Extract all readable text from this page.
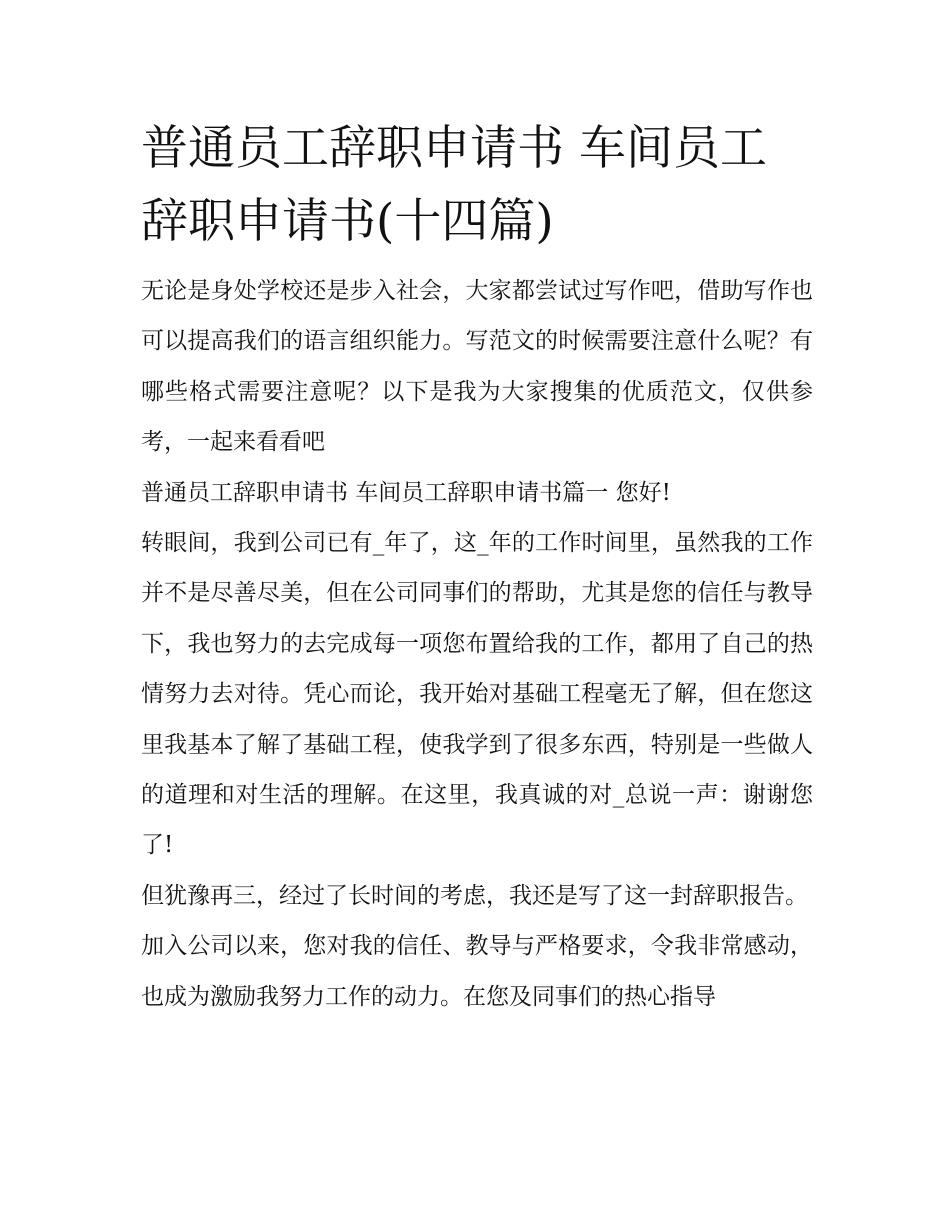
普通员工辞职申请书 车间员工辞职申请书(十四篇)

无论是身处学校还是步入社会，大家都尝试过写作吧，借助写作也可以提高我们的语言组织能力。写范文的时候需要注意什么呢？有哪些格式需要注意呢？以下是我为大家搜集的优质范文，仅供参考，一起来看看吧

普通员工辞职申请书 车间员工辞职申请书篇一 您好!

转眼间，我到公司已有_年了，这_年的工作时间里，虽然我的工作并不是尽善尽美，但在公司同事们的帮助，尤其是您的信任与教导下，我也努力的去完成每一项您布置给我的工作，都用了自己的热情努力去对待。凭心而论，我开始对基础工程毫无了解，但在您这里我基本了解了基础工程，使我学到了很多东西，特别是一些做人的道理和对生活的理解。在这里，我真诚的对_总说一声：谢谢您了!

但犹豫再三，经过了长时间的考虑，我还是写了这一封辞职报告。

加入公司以来，您对我的信任、教导与严格要求，令我非常感动，也成为激励我努力工作的动力。在您及同事们的热心指导
